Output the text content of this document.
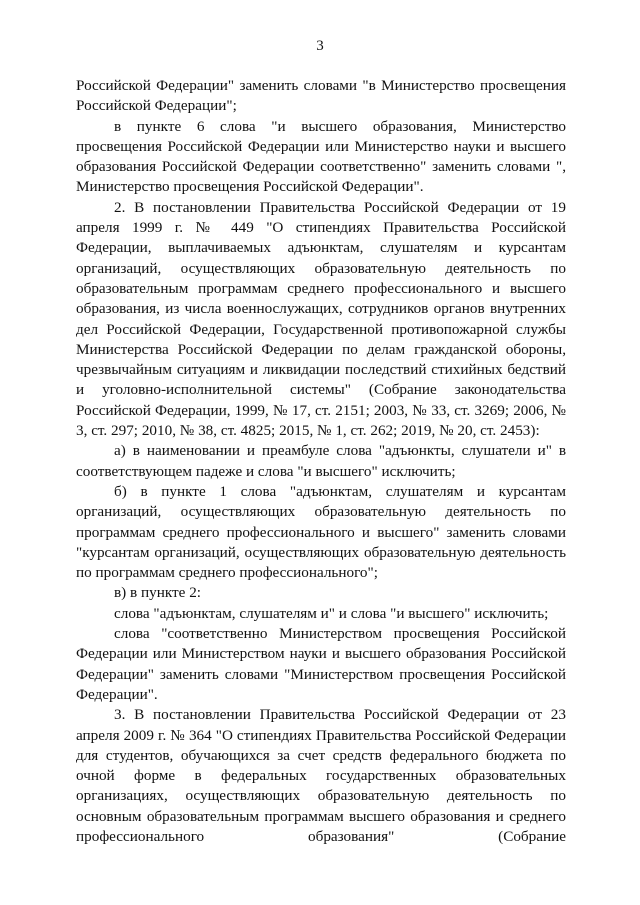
3

Российской Федерации" заменить словами "в Министерство просвещения Российской Федерации";

в пункте 6 слова "и высшего образования, Министерство просвещения Российской Федерации или Министерство науки и высшего образования Российской Федерации соответственно" заменить словами ", Министерство просвещения Российской Федерации".

2. В постановлении Правительства Российской Федерации от 19 апреля 1999 г. № 449 "О стипендиях Правительства Российской Федерации, выплачиваемых адъюнктам, слушателям и курсантам организаций, осуществляющих образовательную деятельность по образовательным программам среднего профессионального и высшего образования, из числа военнослужащих, сотрудников органов внутренних дел Российской Федерации, Государственной противопожарной службы Министерства Российской Федерации по делам гражданской обороны, чрезвычайным ситуациям и ликвидации последствий стихийных бедствий и уголовно-исполнительной системы" (Собрание законодательства Российской Федерации, 1999, № 17, ст. 2151; 2003, № 33, ст. 3269; 2006, № 3, ст. 297; 2010, № 38, ст. 4825; 2015, № 1, ст. 262; 2019, № 20, ст. 2453):

а) в наименовании и преамбуле слова "адъюнкты, слушатели и" в соответствующем падеже и слова "и высшего" исключить;

б) в пункте 1 слова "адъюнктам, слушателям и курсантам организаций, осуществляющих образовательную деятельность по программам среднего профессионального и высшего" заменить словами "курсантам организаций, осуществляющих образовательную деятельность по программам среднего профессионального";

в) в пункте 2:

слова "адъюнктам, слушателям и" и слова "и высшего" исключить;

слова "соответственно Министерством просвещения Российской Федерации или Министерством науки и высшего образования Российской Федерации" заменить словами "Министерством просвещения Российской Федерации".

3. В постановлении Правительства Российской Федерации от 23 апреля 2009 г. № 364 "О стипендиях Правительства Российской Федерации для студентов, обучающихся за счет средств федерального бюджета по очной форме в федеральных государственных образовательных организациях, осуществляющих образовательную деятельность по основным образовательным программам высшего образования и среднего профессионального образования" (Собрание
